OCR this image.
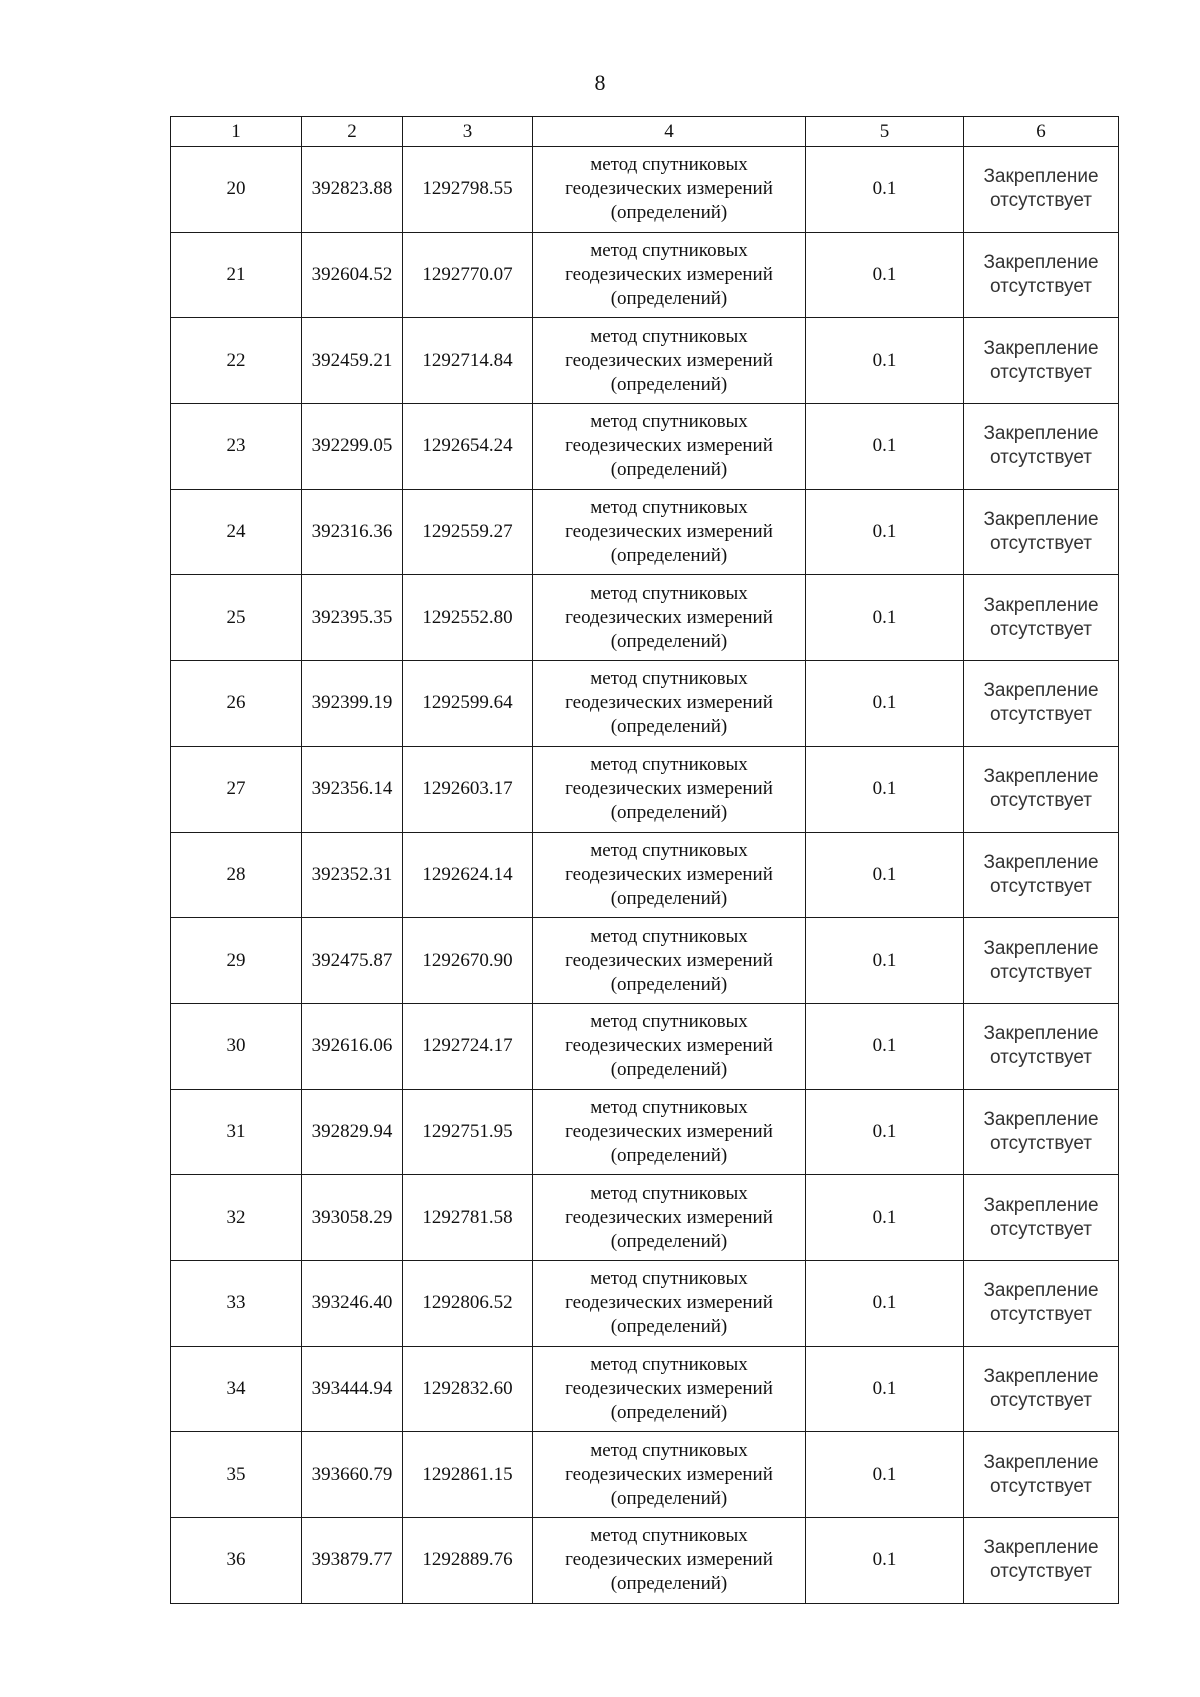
8
1	2	3	4	5	6
20	392823.88	1292798.55	метод спутниковых
геодезических измерений
(определений)	0.1	Закрепление
отсутствует

21	392604.52	1292770.07	метод спутниковых
геодезических измерений
(определений)	0.1	Закрепление
отсутствует

22	392459.21	1292714.84	метод спутниковых
геодезических измерений
(определений)	0.1	Закрепление
отсутствует

23	392299.05	1292654.24	метод спутниковых
геодезических измерений
(определений)	0.1	Закрепление
отсутствует

24	392316.36	1292559.27	метод спутниковых
геодезических измерений
(определений)	0.1	Закрепление
отсутствует

25	392395.35	1292552.80	метод спутниковых
геодезических измерений
(определений)	0.1	Закрепление
отсутствует

26	392399.19	1292599.64	метод спутниковых
геодезических измерений
(определений)	0.1	Закрепление
отсутствует

27	392356.14	1292603.17	метод спутниковых
геодезических измерений
(определений)	0.1	Закрепление
отсутствует

28	392352.31	1292624.14	метод спутниковых
геодезических измерений
(определений)	0.1	Закрепление
отсутствует

29	392475.87	1292670.90	метод спутниковых
геодезических измерений
(определений)	0.1	Закрепление
отсутствует

30	392616.06	1292724.17	метод спутниковых
геодезических измерений
(определений)	0.1	Закрепление
отсутствует

31	392829.94	1292751.95	метод спутниковых
геодезических измерений
(определений)	0.1	Закрепление
отсутствует

32	393058.29	1292781.58	метод спутниковых
геодезических измерений
(определений)	0.1	Закрепление
отсутствует

33	393246.40	1292806.52	метод спутниковых
геодезических измерений
(определений)	0.1	Закрепление
отсутствует

34	393444.94	1292832.60	метод спутниковых
геодезических измерений
(определений)	0.1	Закрепление
отсутствует

35	393660.79	1292861.15	метод спутниковых
геодезических измерений
(определений)	0.1	Закрепление
отсутствует

36	393879.77	1292889.76	метод спутниковых
геодезических измерений
(определений)	0.1	Закрепление
отсутствует
